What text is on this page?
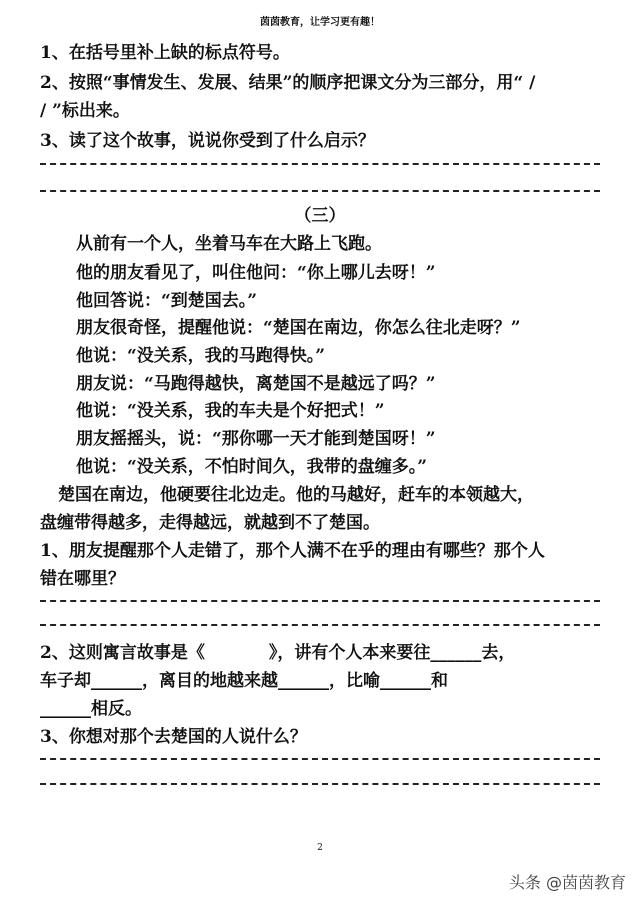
茵茵教育，让学习更有趣！
1、在括号里补上缺的标点符号。
2、按照“事情发生、发展、结果”的顺序把课文分为三部分，用“ /
/ ”标出来。
3、读了这个故事，说说你受到了什么启示？
（三）
从前有一个人，坐着马车在大路上飞跑。
他的朋友看见了，叫住他问：“你上哪儿去呀！”
他回答说：“到楚国去。”
朋友很奇怪，提醒他说：“楚国在南边，你怎么往北走呀？”
他说：“没关系，我的马跑得快。”
朋友说：“马跑得越快，离楚国不是越远了吗？”
他说：“没关系，我的车夫是个好把式！”
朋友摇摇头，说：“那你哪一天才能到楚国呀！”
他说：“没关系，不怕时间久，我带的盘缠多。”
楚国在南边，他硬要往北边走。他的马越好，赶车的本领越大，
盘缠带得越多，走得越远，就越到不了楚国。
1、朋友提醒那个人走错了，那个人满不在乎的理由有哪些？那个人
错在哪里？
2、这则寓言故事是《	》，讲有个人本来要往______去，
车子却______，离目的地越来越______，比喻______和
______相反。
3、你想对那个去楚国的人说什么？
2
头条 @茵茵教育
